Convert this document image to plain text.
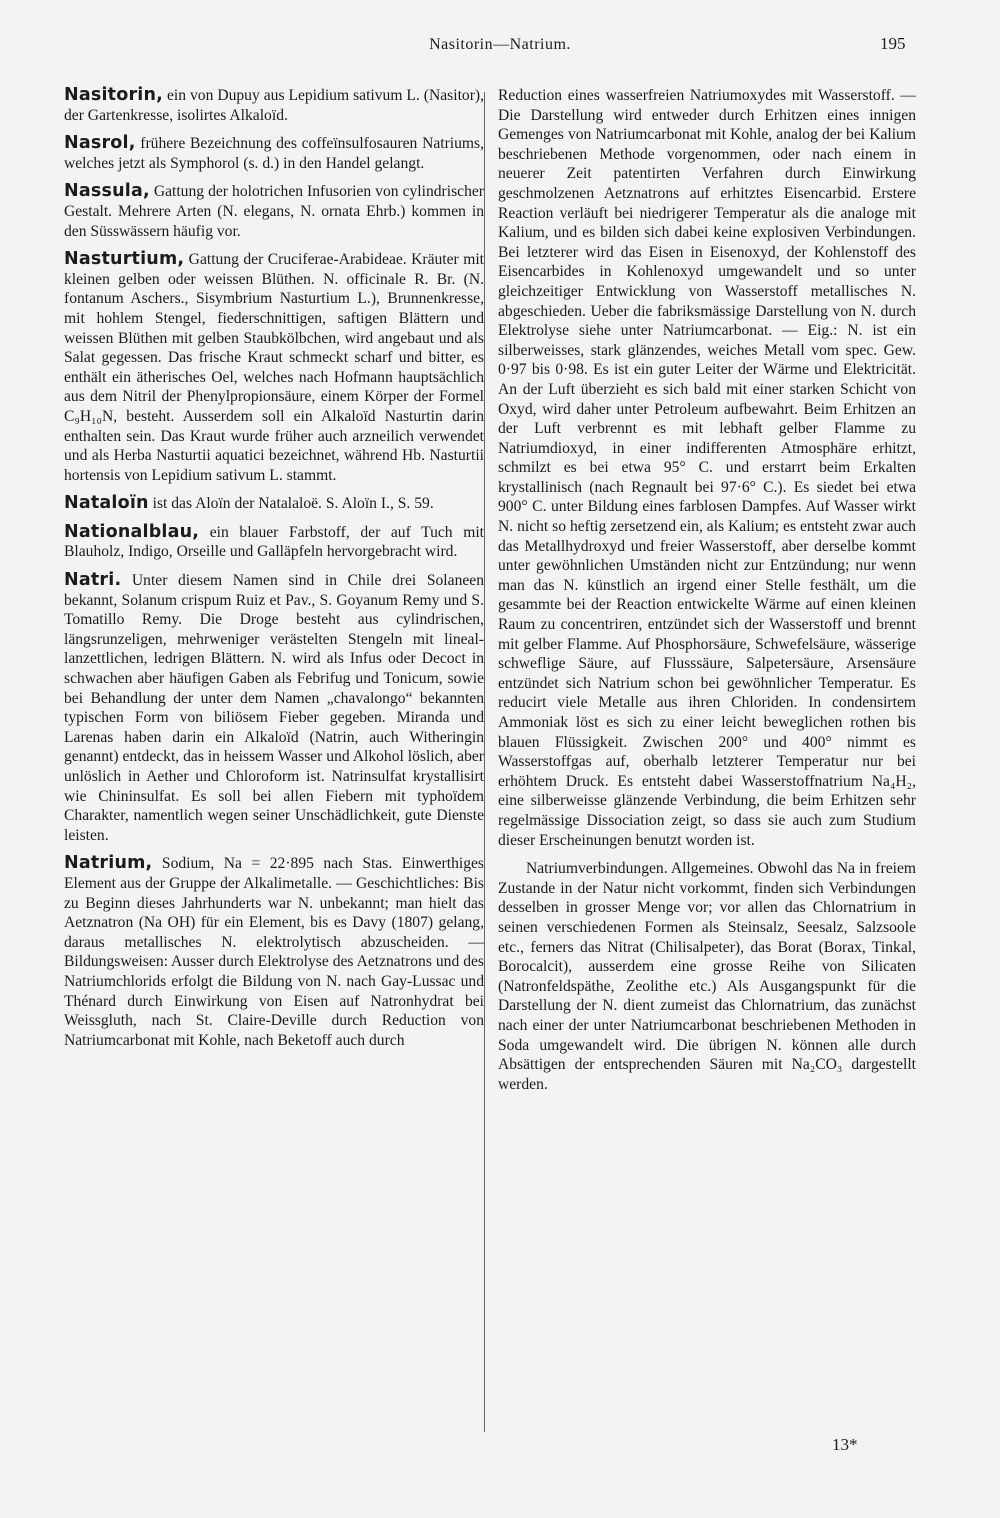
Nasitorin—Natrium.	195

Nasitorin, ein von Dupuy aus Lepidium sativum L. (Nasitor), der Gartenkresse, isolirtes Alkaloïd.

Nasrol, frühere Bezeichnung des coffeïnsulfosauren Natriums, welches jetzt als Symphorol (s. d.) in den Handel gelangt.

Nassula, Gattung der holotrichen Infusorien von cylindrischer Gestalt. Mehrere Arten (N. elegans, N. ornata Ehrb.) kommen in den Süsswässern häufig vor.

Nasturtium, Gattung der Cruciferae-Arabideae. Kräuter mit kleinen gelben oder weissen Blüthen. N. officinale R. Br. (N. fontanum Aschers., Sisymbrium Nasturtium L.), Brunnenkresse, mit hohlem Stengel, fiederschnittigen, saftigen Blättern und weissen Blüthen mit gelben Staubkölbchen, wird angebaut und als Salat gegessen. Das frische Kraut schmeckt scharf und bitter, es enthält ein ätherisches Oel, welches nach Hofmann hauptsächlich aus dem Nitril der Phenylpropionsäure, einem Körper der Formel C₉H₁₀N, besteht. Ausserdem soll ein Alkaloïd Nasturtin darin enthalten sein. Das Kraut wurde früher auch arzneilich verwendet und als Herba Nasturtii aquatici bezeichnet, während Hb. Nasturtii hortensis von Lepidium sativum L. stammt.

Nataloïn ist das Aloïn der Natalaloë. S. Aloïn I., S. 59.

Nationalblau, ein blauer Farbstoff, der auf Tuch mit Blauholz, Indigo, Orseille und Galläpfeln hervorgebracht wird.

Natri. Unter diesem Namen sind in Chile drei Solaneen bekannt, Solanum crispum Ruiz et Pav., S. Goyanum Remy und S. Tomatillo Remy. Die Droge besteht aus cylindrischen, längsrunzeligen, mehrweniger verästelten Stengeln mit lineal-lanzettlichen, ledrigen Blättern. N. wird als Infus oder Decoct in schwachen aber häufigen Gaben als Febrifug und Tonicum, sowie bei Behandlung der unter dem Namen „chavalongo“ bekannten typischen Form von biliösem Fieber gegeben. Miranda und Larenas haben darin ein Alkaloïd (Natrin, auch Witheringin genannt) entdeckt, das in heissem Wasser und Alkohol löslich, aber unlöslich in Aether und Chloroform ist. Natrinsulfat krystallisirt wie Chininsulfat. Es soll bei allen Fiebern mit typhoïdem Charakter, namentlich wegen seiner Unschädlichkeit, gute Dienste leisten.

Natrium, Sodium, Na = 22·895 nach Stas. Einwerthiges Element aus der Gruppe der Alkalimetalle. — Geschichtliches: Bis zu Beginn dieses Jahrhunderts war N. unbekannt; man hielt das Aetznatron (Na OH) für ein Element, bis es Davy (1807) gelang, daraus metallisches N. elektrolytisch abzuscheiden. — Bildungsweisen: Ausser durch Elektrolyse des Aetznatrons und des Natriumchlorids erfolgt die Bildung von N. nach Gay-Lussac und Thénard durch Einwirkung von Eisen auf Natronhydrat bei Weissgluth, nach St. Claire-Deville durch Reduction von Natriumcarbonat mit Kohle, nach Beketoff auch durch

Reduction eines wasserfreien Natriumoxydes mit Wasserstoff. — Die Darstellung wird entweder durch Erhitzen eines innigen Gemenges von Natriumcarbonat mit Kohle, analog der bei Kalium beschriebenen Methode vorgenommen, oder nach einem in neuerer Zeit patentirten Verfahren durch Einwirkung geschmolzenen Aetznatrons auf erhitztes Eisencarbid. Erstere Reaction verläuft bei niedrigerer Temperatur als die analoge mit Kalium, und es bilden sich dabei keine explosiven Verbindungen. Bei letzterer wird das Eisen in Eisenoxyd, der Kohlenstoff des Eisencarbides in Kohlenoxyd umgewandelt und so unter gleichzeitiger Entwicklung von Wasserstoff metallisches N. abgeschieden. Ueber die fabriksmässige Darstellung von N. durch Elektrolyse siehe unter Natriumcarbonat. — Eig.: N. ist ein silberweisses, stark glänzendes, weiches Metall vom spec. Gew. 0·97 bis 0·98. Es ist ein guter Leiter der Wärme und Elektricität. An der Luft überzieht es sich bald mit einer starken Schicht von Oxyd, wird daher unter Petroleum aufbewahrt. Beim Erhitzen an der Luft verbrennt es mit lebhaft gelber Flamme zu Natriumdioxyd, in einer indifferenten Atmosphäre erhitzt, schmilzt es bei etwa 95° C. und erstarrt beim Erkalten krystallinisch (nach Regnault bei 97·6° C.). Es siedet bei etwa 900° C. unter Bildung eines farblosen Dampfes. Auf Wasser wirkt N. nicht so heftig zersetzend ein, als Kalium; es entsteht zwar auch das Metallhydroxyd und freier Wasserstoff, aber derselbe kommt unter gewöhnlichen Umständen nicht zur Entzündung; nur wenn man das N. künstlich an irgend einer Stelle festhält, um die gesammte bei der Reaction entwickelte Wärme auf einen kleinen Raum zu concentriren, entzündet sich der Wasserstoff und brennt mit gelber Flamme. Auf Phosphorsäure, Schwefelsäure, wässerige schweflige Säure, auf Flusssäure, Salpetersäure, Arsensäure entzündet sich Natrium schon bei gewöhnlicher Temperatur. Es reducirt viele Metalle aus ihren Chloriden. In condensirtem Ammoniak löst es sich zu einer leicht beweglichen rothen bis blauen Flüssigkeit. Zwischen 200° und 400° nimmt es Wasserstoffgas auf, oberhalb letzterer Temperatur nur bei erhöhtem Druck. Es entsteht dabei Wasserstoffnatrium Na₄H₂, eine silberweisse glänzende Verbindung, die beim Erhitzen sehr regelmässige Dissociation zeigt, so dass sie auch zum Studium dieser Erscheinungen benutzt worden ist.

Natriumverbindungen. Allgemeines. Obwohl das Na in freiem Zustande in der Natur nicht vorkommt, finden sich Verbindungen desselben in grosser Menge vor; vor allen das Chlornatrium in seinen verschiedenen Formen als Steinsalz, Seesalz, Salzsoole etc., ferners das Nitrat (Chilisalpeter), das Borat (Borax, Tinkal, Borocalcit), ausserdem eine grosse Reihe von Silicaten (Natronfeldspäthe, Zeolithe etc.) Als Ausgangspunkt für die Darstellung der N. dient zumeist das Chlornatrium, das zunächst nach einer der unter Natriumcarbonat beschriebenen Methoden in Soda umgewandelt wird. Die übrigen N. können alle durch Absättigen der entsprechenden Säuren mit Na₂CO₃ dargestellt werden.

13*
